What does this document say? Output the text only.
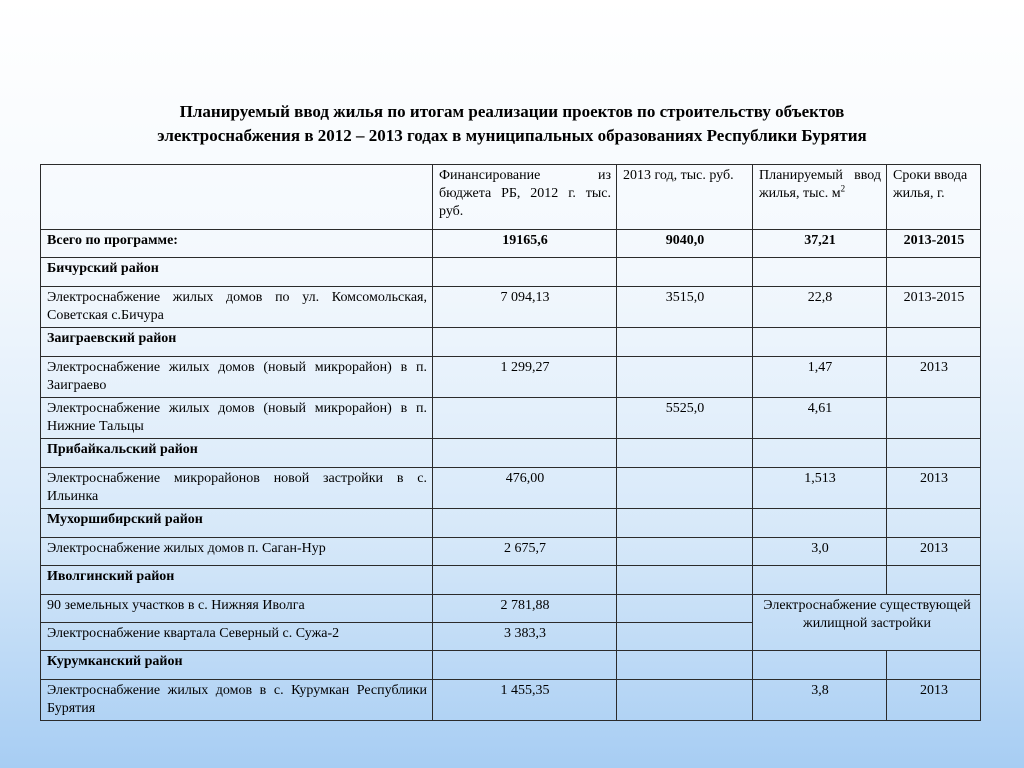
Планируемый ввод жилья по итогам реализации проектов по строительству объектов
электроснабжения в 2012 – 2013 годах в муниципальных образованиях Республики Бурятия
	Финансирование из бюджета РБ, 2012 г. тыс. руб.	2013 год, тыс. руб.	Планируемый ввод жилья, тыс. $м^2$	Сроки ввода жилья, г.
Всего по программе:	19165,6	9040,0	37,21	2013-2015
Бичурский район				
Электроснабжение жилых домов по ул. Комсомольская, Советская с.Бичура	7 094,13	3515,0	22,8	2013-2015
Заиграевский район				
Электроснабжение жилых домов (новый микрорайон) в п. Заиграево	1 299,27		1,47	2013
Электроснабжение жилых домов (новый микрорайон) в п. Нижние Тальцы		5525,0	4,61	
Прибайкальский район				
Электроснабжение микрорайонов новой застройки в с. Ильинка	476,00		1,513	2013
Мухоршибирский район				
Электроснабжение жилых домов п. Саган-Нур	2 675,7		3,0	2013
Иволгинский район				
90 земельных участков в с. Нижняя Иволга	2 781,88		Электроснабжение существующей жилищной застройки	
Электроснабжение квартала Северный с. Сужа-2	3 383,3			
Курумканский район				
Электроснабжение жилых домов в с. Курумкан Республики Бурятия	1 455,35		3,8	2013
